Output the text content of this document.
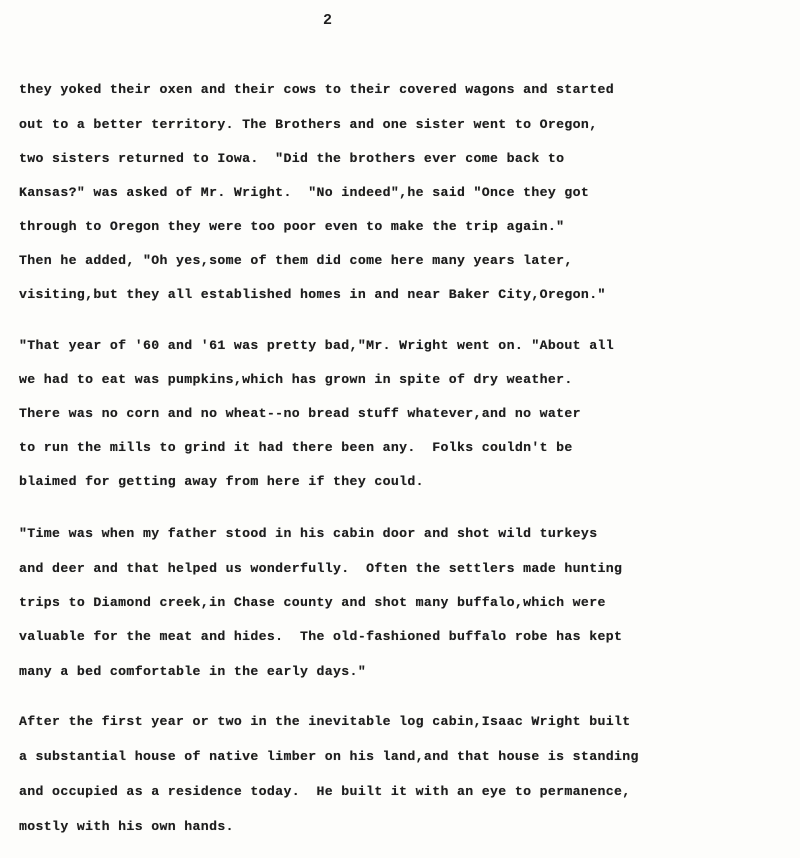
2
they yoked their oxen and their cows to their covered wagons and started
out to a better territory. The Brothers and one sister went to Oregon,
two sisters returned to Iowa.  "Did the brothers ever come back to
Kansas?" was asked of Mr. Wright.  "No indeed",he said "Once they got
through to Oregon they were too poor even to make the trip again."
Then he added, "Oh yes,some of them did come here many years later,
visiting,but they all established homes in and near Baker City,Oregon."
"That year of '60 and '61 was pretty bad,"Mr. Wright went on. "About all
we had to eat was pumpkins,which has grown in spite of dry weather.
There was no corn and no wheat--no bread stuff whatever,and no water
to run the mills to grind it had there been any.  Folks couldn't be
blaimed for getting away from here if they could.
"Time was when my father stood in his cabin door and shot wild turkeys
and deer and that helped us wonderfully.  Often the settlers made hunting
trips to Diamond creek,in Chase county and shot many buffalo,which were
valuable for the meat and hides.  The old-fashioned buffalo robe has kept
many a bed comfortable in the early days."
After the first year or two in the inevitable log cabin,Isaac Wright built
a substantial house of native limber on his land,and that house is standing
and occupied as a residence today.  He built it with an eye to permanence,
mostly with his own hands.
